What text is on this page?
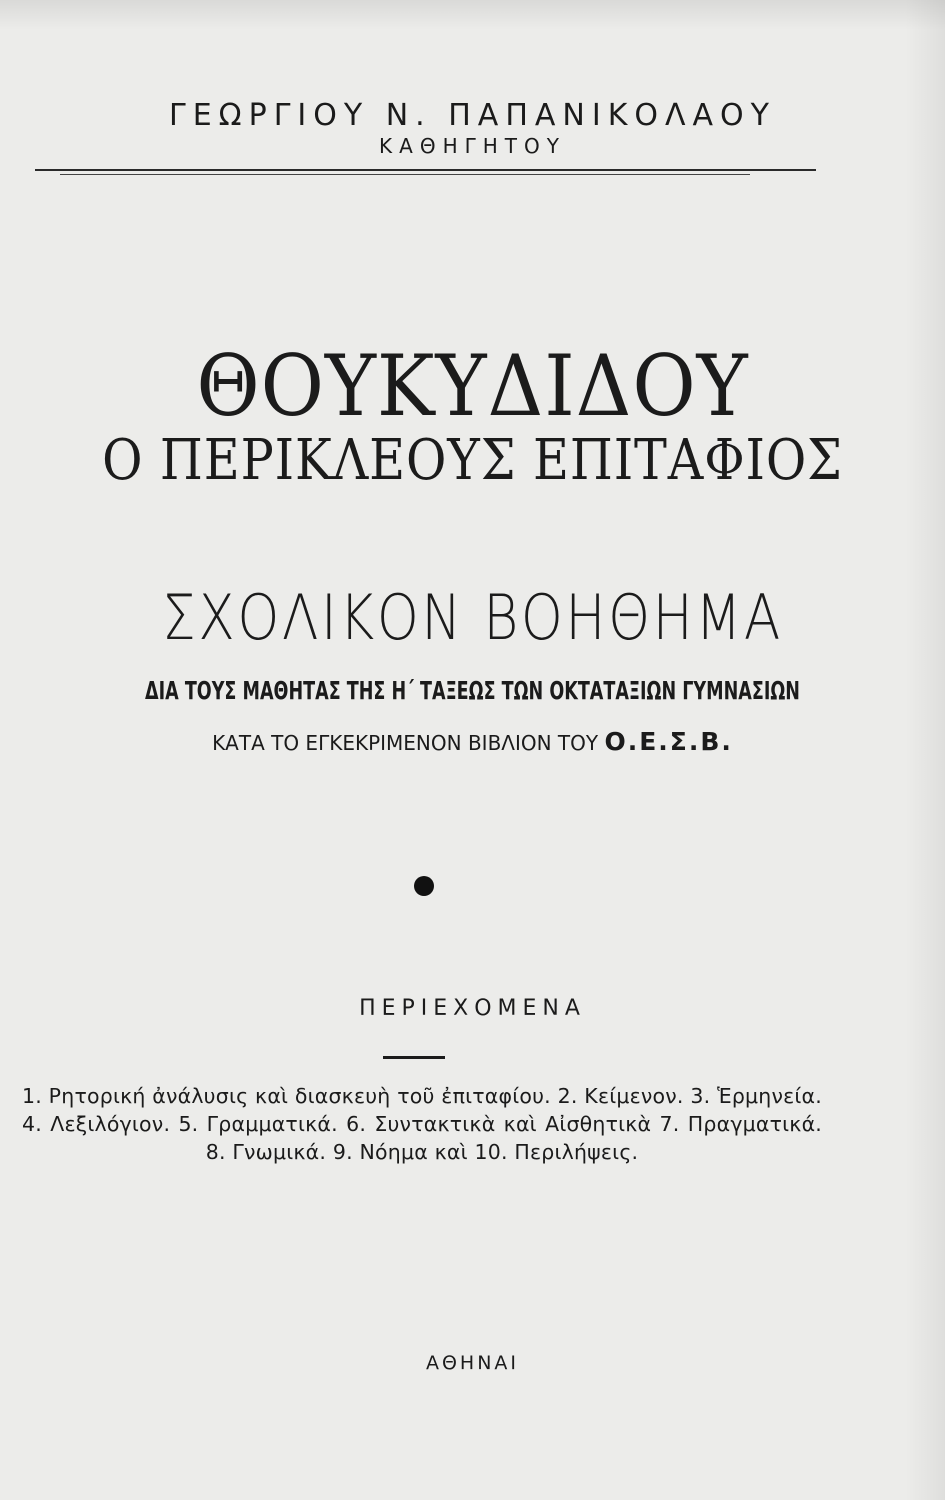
ΓΕΩΡΓΙΟΥ Ν. ΠΑΠΑΝΙΚΟΛΑΟΥ
ΚΑΘΗΓΗΤΟΥ
ΘΟΥΚΥΔΙΔΟΥ
Ο ΠΕΡΙΚΛΕΟΥΣ ΕΠΙΤΑΦΙΟΣ
ΣΧΟΛΙΚΟΝ ΒΟΗΘΗΜΑ
ΔΙΑ ΤΟΥΣ ΜΑΘΗΤΑΣ ΤΗΣ Η΄ ΤΑΞΕΩΣ ΤΩΝ ΟΚΤΑΤΑΞΙΩΝ ΓΥΜΝΑΣΙΩΝ
ΚΑΤΑ ΤΟ ΕΓΚΕΚΡΙΜΕΝΟΝ ΒΙΒΛΙΟΝ ΤΟΥ Ο.Ε.Σ.Β.
ΠΕΡΙΕΧΟΜΕΝΑ
1. Ρητορική ἀνάλυσις καὶ διασκευὴ τοῦ ἐπιταφίου. 2. Κείμενον. 3. Ἑρμηνεία. 4. Λεξιλόγιον. 5. Γραμματικά. 6. Συντακτικὰ καὶ Αἰσθητικὰ 7. Πραγματικά. 8. Γνωμικά. 9. Νόημα καὶ 10. Περιλήψεις.
ΑΘΗΝΑΙ
